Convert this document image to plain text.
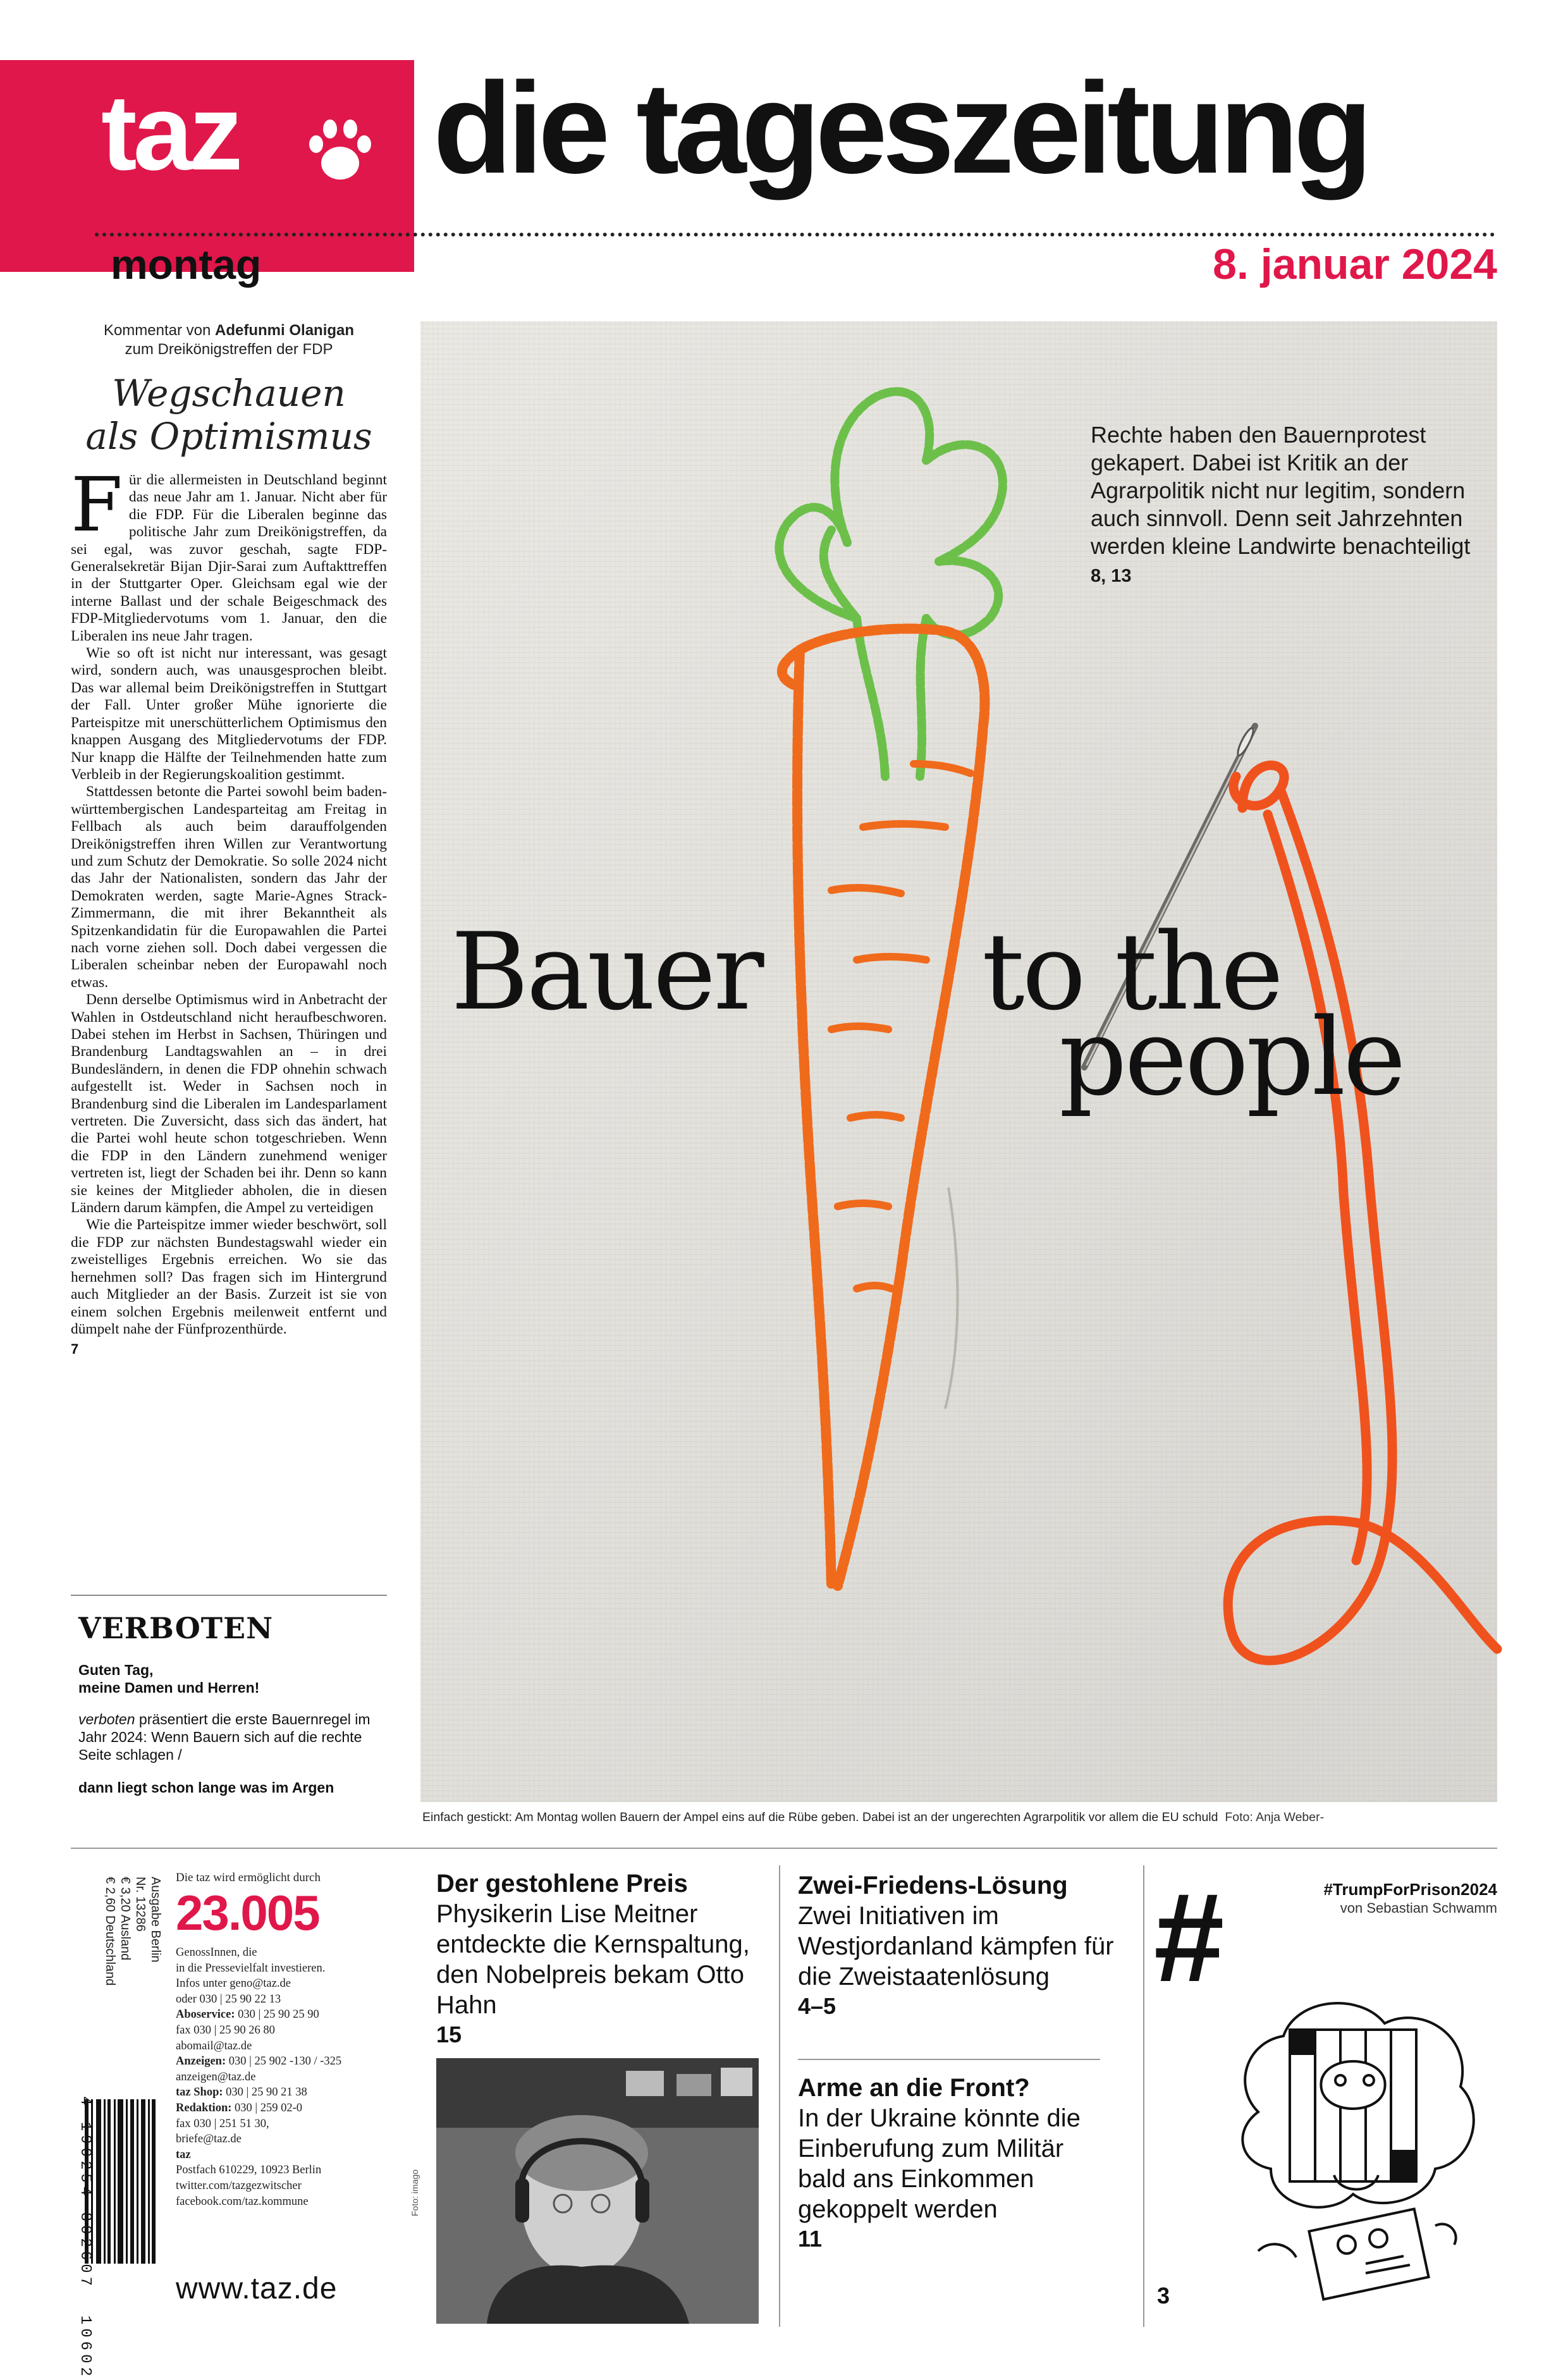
taz die tageszeitung
montag	8. januar 2024
Kommentar von Adefunmi Olanigan
zum Dreikönigstreffen der FDP
Wegschauen
als Optimismus

Für die allermeisten in Deutschland beginnt das neue Jahr am 1. Januar. Nicht aber für die FDP. Für die Liberalen beginne das politische Jahr zum Dreikönigstreffen, da sei egal, was zuvor geschah, sagte FDP-Generalsekretär Bijan Djir-Sarai zum Auftakttreffen in der Stuttgarter Oper. Gleichsam egal wie der interne Ballast und der schale Beigeschmack des FDP-Mitgliedervotums vom 1. Januar, den die Liberalen ins neue Jahr tragen.

Wie so oft ist nicht nur interessant, was gesagt wird, sondern auch, was unausgesprochen bleibt. Das war allemal beim Dreikönigstreffen in Stuttgart der Fall. Unter großer Mühe ignorierte die Parteispitze mit unerschütterlichem Optimismus den knappen Ausgang des Mitgliedervotums der FDP. Nur knapp die Hälfte der Teilnehmenden hatte zum Verbleib in der Regierungskoalition gestimmt.

Stattdessen betonte die Partei sowohl beim baden-württembergischen Landesparteitag am Freitag in Fellbach als auch beim darauffolgenden Dreikönigstreffen ihren Willen zur Verantwortung und zum Schutz der Demokratie. So solle 2024 nicht das Jahr der Nationalisten, sondern das Jahr der Demokraten werden, sagte Marie-Agnes Strack-Zimmermann, die mit ihrer Bekanntheit als Spitzenkandidatin für die Europawahlen die Partei nach vorne ziehen soll. Doch dabei vergessen die Liberalen scheinbar neben der Europawahl noch etwas.

Denn derselbe Optimismus wird in Anbetracht der Wahlen in Ostdeutschland nicht heraufbeschworen. Dabei stehen im Herbst in Sachsen, Thüringen und Brandenburg Landtagswahlen an – in drei Bundesländern, in denen die FDP ohnehin schwach aufgestellt ist. Weder in Sachsen noch in Brandenburg sind die Liberalen im Landesparlament vertreten. Die Zuversicht, dass sich das ändert, hat die Partei wohl heute schon totgeschrieben. Wenn die FDP in den Ländern zunehmend weniger vertreten ist, liegt der Schaden bei ihr. Denn so kann sie keines der Mitglieder abholen, die in diesen Ländern darum kämpfen, die Ampel zu verteidigen

Wie die Parteispitze immer wieder beschwört, soll die FDP zur nächsten Bundestagswahl wieder ein zweistelliges Ergebnis erreichen. Wo sie das hernehmen soll? Das fragen sich im Hintergrund auch Mitglieder an der Basis. Zurzeit ist sie von einem solchen Ergebnis meilenweit entfernt und dümpelt nahe der Fünfprozenthürde.

7
VERBOTEN
Guten Tag,
meine Damen und Herren!
verboten präsentiert die erste Bauernregel im Jahr 2024: Wenn Bauern sich auf die rechte Seite schlagen /
dann liegt schon lange was im Argen
Rechte haben den Bauernprotest gekapert. Dabei ist Kritik an der Agrarpolitik nicht nur legitim, sondern auch sinnvoll. Denn seit Jahrzehnten werden kleine Landwirte benachteiligt
8, 13
Bauer to the
people
Einfach gestickt: Am Montag wollen Bauern der Ampel eins auf die Rübe geben. Dabei ist an der ungerechten Agrarpolitik vor allem die EU schuld Foto: Anja Weber-
Ausgabe Berlin
Nr. 13286
€ 3,20 Ausland
€ 2,60 Deutschland
4 190254 802607  10602
Die taz wird ermöglicht durch
23.005
GenossInnen, die
in die Pressevielfalt investieren.
Infos unter geno@taz.de
oder 030 | 25 90 22 13
Aboservice: 030 | 25 90 25 90
fax 030 | 25 90 26 80
abomail@taz.de
Anzeigen: 030 | 25 902 -130 / -325
anzeigen@taz.de
taz Shop: 030 | 25 90 21 38
Redaktion: 030 | 259 02-0
fax 030 | 251 51 30,
briefe@taz.de
taz
Postfach 610229, 10923 Berlin
twitter.com/tazgezwitscher
facebook.com/taz.kommune
www.taz.de
Der gestohlene Preis
Physikerin Lise Meitner entdeckte die Kernspaltung, den Nobelpreis bekam Otto Hahn
15
Foto: imago
Zwei-Friedens-Lösung
Zwei Initiativen im Westjordanland kämpfen für die Zweistaatenlösung
4–5
Arme an die Front?
In der Ukraine könnte die Einberufung zum Militär bald ans Einkommen gekoppelt werden
11
#	#TrumpForPrison2024
von Sebastian Schwamm
3
